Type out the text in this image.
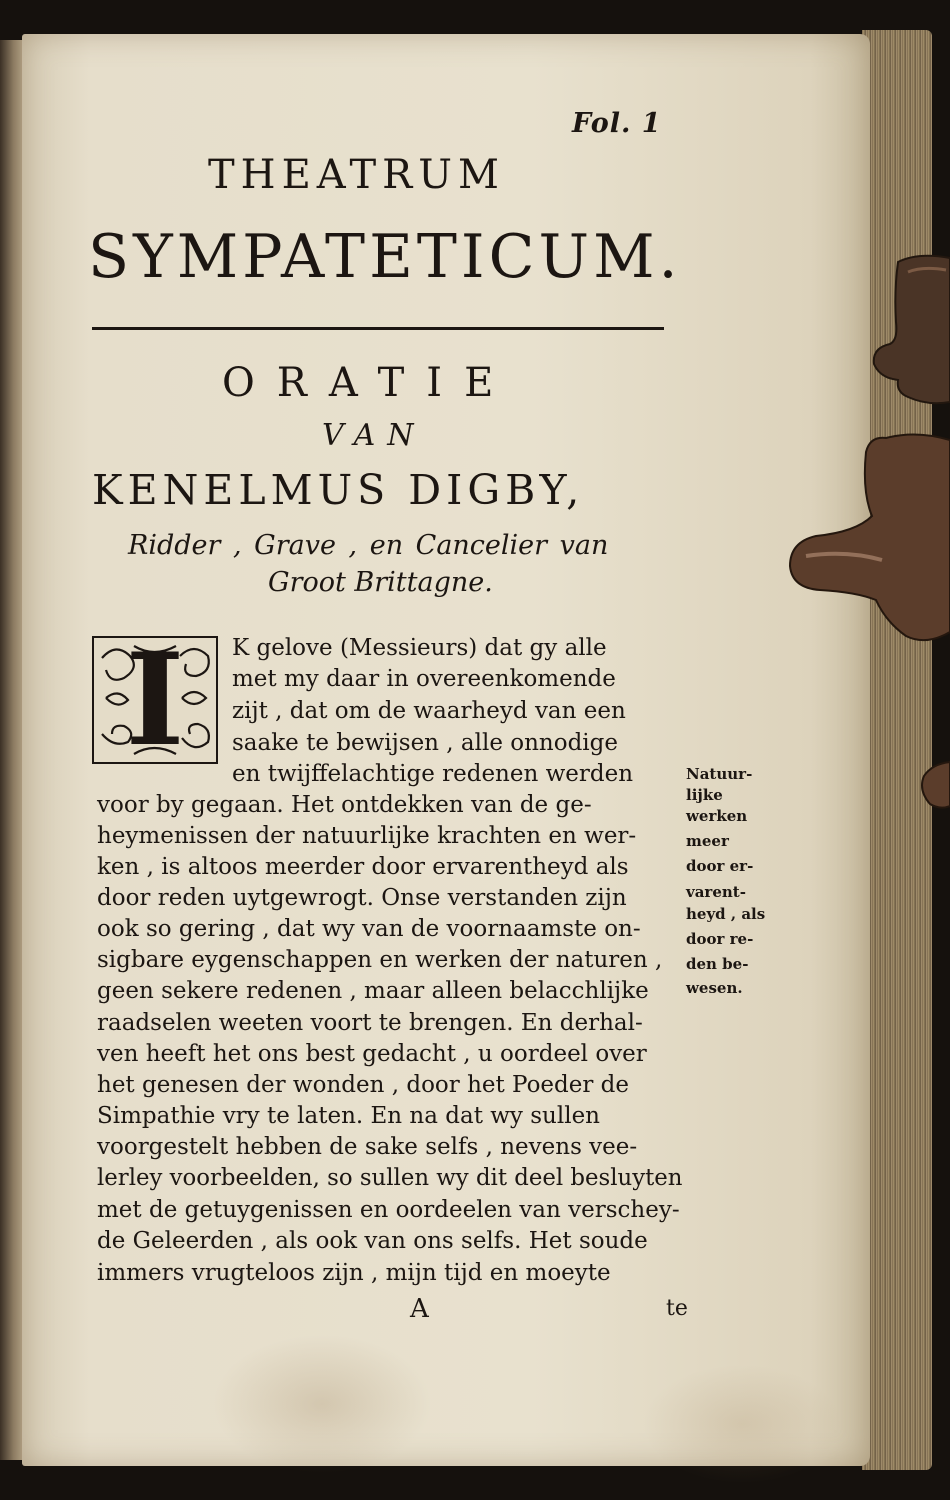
Fol. 1
THEATRUM
SYMPATETICUM.
ORATIE
VAN
KENELMUS DIGBY,
Ridder , Grave , en Cancelier van
Groot Brittagne.
I	K gelove (Messieurs) dat gy alle
met my daar in overeenkomende
zijt , dat om de waarheyd van een
saake te bewijsen , alle onnodige
en twijffelachtige redenen werden
voor by gegaan. Het ontdekken van de ge-
heymenissen der natuurlijke krachten en wer-
ken , is altoos meerder door ervarentheyd als
door reden uytgewrogt. Onse verstanden zijn
ook so gering , dat wy van de voornaamste on-
sigbare eygenschappen en werken der naturen ,
geen sekere redenen , maar alleen belacchlijke
raadselen weeten voort te brengen. En derhal-
ven heeft het ons best gedacht , u oordeel over
het genesen der wonden , door het Poeder de
Simpathie vry te laten. En na dat wy sullen
voorgestelt hebben de sake selfs , nevens vee-
lerley voorbeelden, so sullen wy dit deel besluyten
met de getuygenissen en oordeelen van verschey-
de Geleerden , als ook van ons selfs. Het soude
immers vrugteloos zijn , mijn tijd en moeyte
Natuur-
lijke
werken
meer
door er-
varent-
heyd , als
door re-
den be-
wesen.
A	te
